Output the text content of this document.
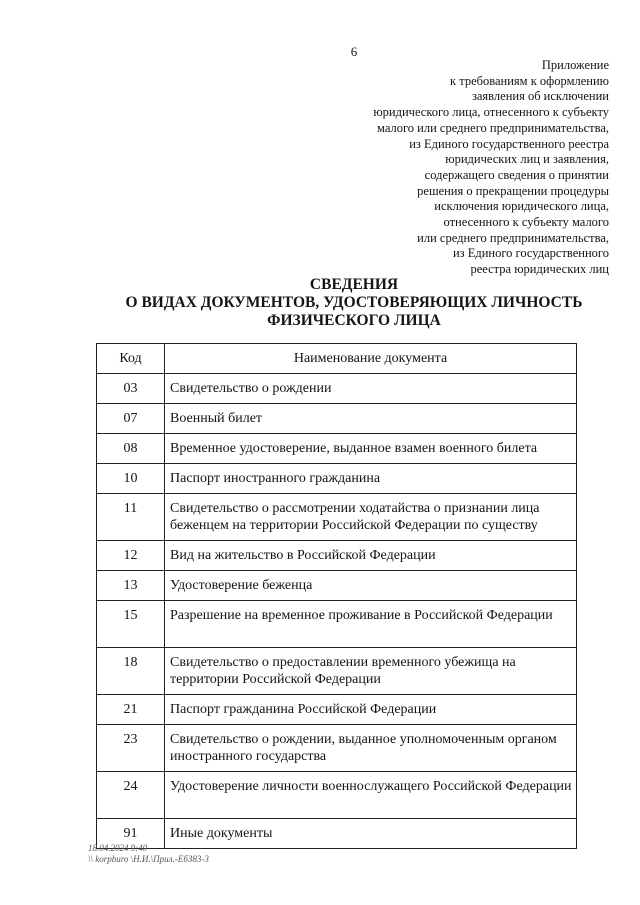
6
Приложение
к требованиям к оформлению
заявления об исключении
юридического лица, отнесенного к субъекту
малого или среднего предпринимательства,
из Единого государственного реестра
юридических лиц и заявления,
содержащего сведения о принятии
решения о прекращении процедуры
исключения юридического лица,
отнесенного к субъекту малого
или среднего предпринимательства,
из Единого государственного
реестра юридических лиц
СВЕДЕНИЯ
О ВИДАХ ДОКУМЕНТОВ, УДОСТОВЕРЯЮЩИХ ЛИЧНОСТЬ
ФИЗИЧЕСКОГО ЛИЦА
Код	Наименование документа
03	Свидетельство о рождении
07	Военный билет
08	Временное удостоверение, выданное взамен военного билета
10	Паспорт иностранного гражданина
11	Свидетельство о рассмотрении ходатайства о признании лица беженцем на территории Российской Федерации по существу
12	Вид на жительство в Российской Федерации
13	Удостоверение беженца
15	Разрешение на временное проживание в Российской Федерации
18	Свидетельство о предоставлении временного убежища на территории Российской Федерации
21	Паспорт гражданина Российской Федерации
23	Свидетельство о рождении, выданное уполномоченным органом иностранного государства
24	Удостоверение личности военнослужащего Российской Федерации
91	Иные документы
18.04.2024 9:40
\\ korpburo \Н.И.\Прил.-ЕбЗ83-3
